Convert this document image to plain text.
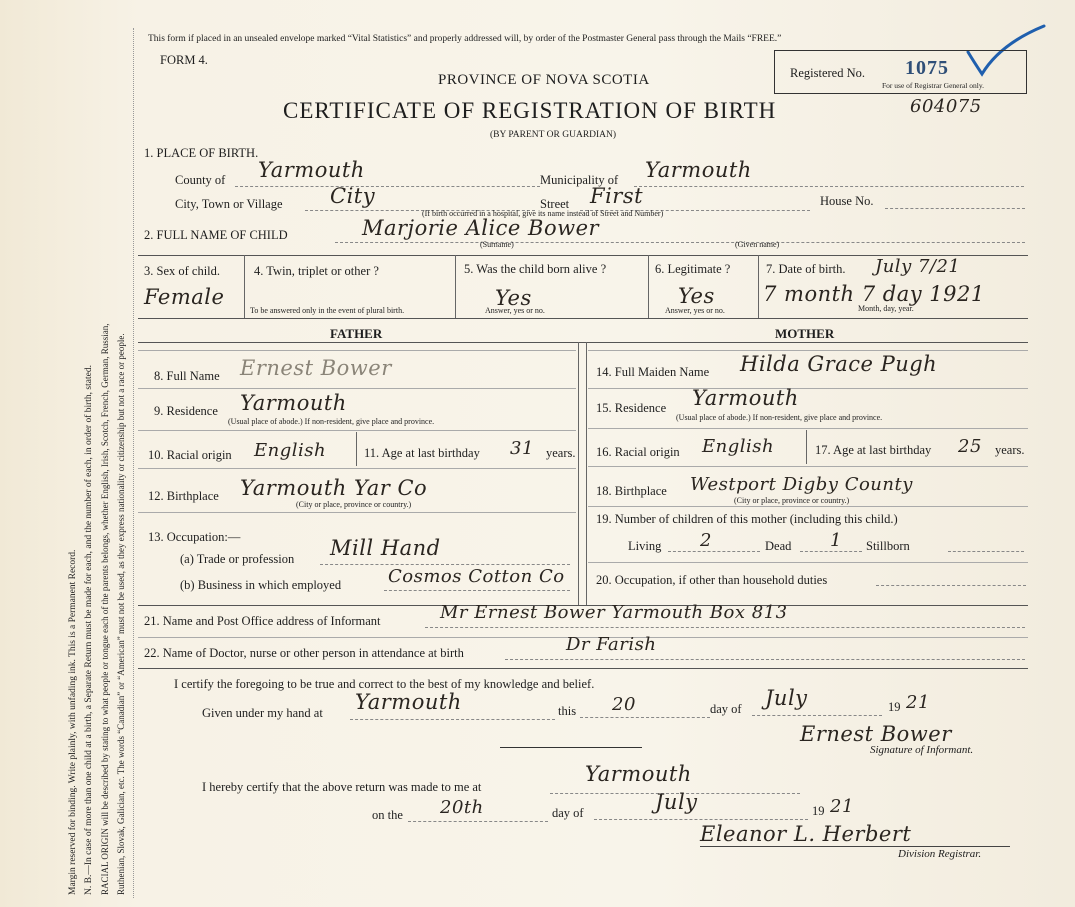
Margin reserved for binding. Write plainly, with unfading ink. This is a Permanent Record. N. B.—In case of more than one child at a birth, a Separate Return must be made for each, and the number of each, in order of birth, stated. RACIAL ORIGIN will be described by stating to what people or tongue each of the parents belongs, whether English, Irish, Scotch, French, German, Russian, Ruthenian, Slovak, Galician, etc. The words “Canadian” or “American” must not be used, as they express nationality or citizenship but not a race or people.
This form if placed in an unsealed envelope marked “Vital Statistics” and properly addressed will, by order of the Postmaster General pass through the Mails “FREE.”
FORM 4.
PROVINCE OF NOVA SCOTIA
CERTIFICATE OF REGISTRATION OF BIRTH
(BY PARENT OR GUARDIAN)
Registered No. 1075
For use of Registrar General only.
604075
1. PLACE OF BIRTH.
County of Yarmouth	Municipality of Yarmouth
City, Town or Village City	Street First	House No.
(If birth occurred in a hospital, give its name instead of Street and Number)
2. FULL NAME OF CHILD	Marjorie Alice Bower
(Surname)	(Given name)
3. Sex of child.
Female
4. Twin, triplet or other ?
To be answered only in the event of plural birth.
5. Was the child born alive ?
Yes
Answer, yes or no.
6. Legitimate ?
Yes
Answer, yes or no.
7. Date of birth. July 7/21
7 month 7 day 1921
Month, day, year.
FATHER	MOTHER
8. Full Name Ernest Bower
9. Residence Yarmouth
(Usual place of abode.) If non-resident, give place and province.
10. Racial origin English	11. Age at last birthday 31 years.
12. Birthplace Yarmouth Yar Co
(City or place, province or country.)
13. Occupation:—
(a) Trade or profession Mill Hand
(b) Business in which employed	Cosmos Cotton Co
14. Full Maiden Name Hilda Grace Pugh
15. Residence Yarmouth
(Usual place of abode.) If non-resident, give place and province.
16. Racial origin English	17. Age at last birthday 25 years.
18. Birthplace Westport Digby County
(City or place, province or country.)
19. Number of children of this mother (including this child.)
Living 2	Dead 1 Stillborn
20. Occupation, if other than household duties
21. Name and Post Office address of Informant	Mr Ernest Bower Yarmouth Box 813
22. Name of Doctor, nurse or other person in attendance at birth	Dr Farish
I certify the foregoing to be true and correct to the best of my knowledge and belief.
Given under my hand at Yarmouth	this 20	day of July	19 21
Ernest Bower
Signature of Informant.
I hereby certify that the above return was made to me at
Yarmouth
on the 20th	day of	July	19 21
Eleanor L. Herbert
Division Registrar.
